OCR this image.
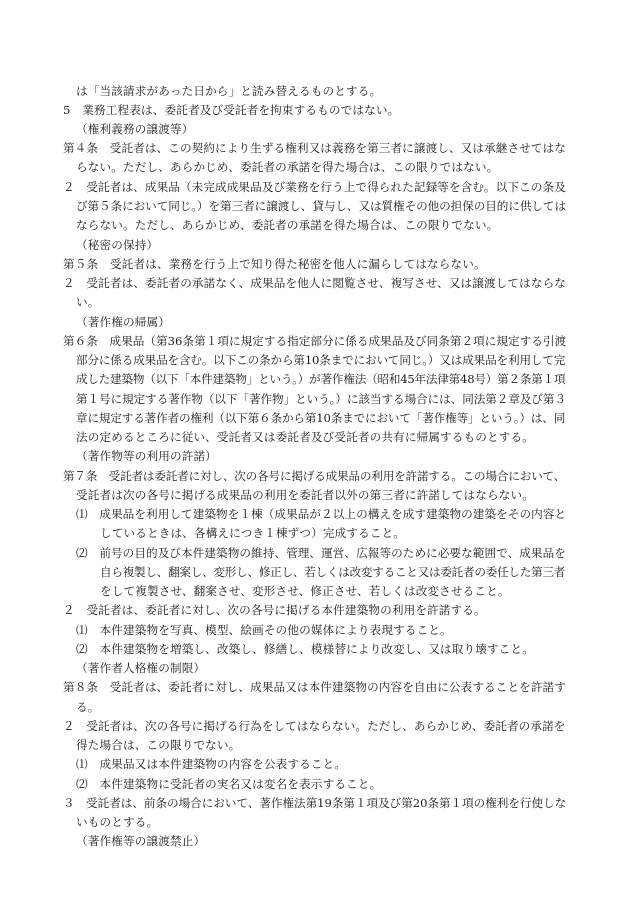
は「当該請求があった日から」と読み替えるものとする。
5　業務工程表は、委託者及び受託者を拘束するものではない。
（権利義務の譲渡等）
第４条　受託者は、この契約により生ずる権利又は義務を第三者に譲渡し、又は承継させてはな
らない。ただし、あらかじめ、委託者の承諾を得た場合は、この限りではない。
２　受託者は、成果品（未完成成果品及び業務を行う上で得られた記録等を含む。以下この条及
び第５条において同じ。）を第三者に譲渡し、貸与し、又は質権その他の担保の目的に供しては
ならない。ただし、あらかじめ、委託者の承諾を得た場合は、この限りでない。
（秘密の保持）
第５条　受託者は、業務を行う上で知り得た秘密を他人に漏らしてはならない。
２　受託者は、委託者の承諾なく、成果品を他人に閲覧させ、複写させ、又は譲渡してはならな
い。
（著作権の帰属）
第６条　成果品（第36条第１項に規定する指定部分に係る成果品及び同条第２項に規定する引渡
部分に係る成果品を含む。以下この条から第10条までにおいて同じ。）又は成果品を利用して完
成した建築物（以下「本件建築物」という。）が著作権法（昭和45年法律第48号）第２条第１項
第１号に規定する著作物（以下「著作物」という。）に該当する場合には、同法第２章及び第３
章に規定する著作者の権利（以下第６条から第10条までにおいて「著作権等」という。）は、同
法の定めるところに従い、受託者又は委託者及び受託者の共有に帰属するものとする。
（著作物等の利用の許諾）
第７条　受託者は委託者に対し、次の各号に掲げる成果品の利用を許諾する。この場合において、
受託者は次の各号に掲げる成果品の利用を委託者以外の第三者に許諾してはならない。
⑴　成果品を利用して建築物を１棟（成果品が２以上の構えを成す建築物の建築をその内容と
しているときは、各構えにつき１棟ずつ）完成すること。
⑵　前号の目的及び本件建築物の維持、管理、運営、広報等のために必要な範囲で、成果品を
自ら複製し、翻案し、変形し、修正し、若しくは改変すること又は委託者の委任した第三者
をして複製させ、翻案させ、変形させ、修正させ、若しくは改変させること。
２　受託者は、委託者に対し、次の各号に掲げる本件建築物の利用を許諾する。
⑴　本件建築物を写真、模型、絵画その他の媒体により表現すること。
⑵　本件建築物を増築し、改築し、修繕し、模様替により改変し、又は取り壊すこと。
（著作者人格権の制限）
第８条　受託者は、委託者に対し、成果品又は本件建築物の内容を自由に公表することを許諾す
る。
２　受託者は、次の各号に掲げる行為をしてはならない。ただし、あらかじめ、委託者の承諾を
得た場合は、この限りでない。
⑴　成果品又は本件建築物の内容を公表すること。
⑵　本件建築物に受託者の実名又は変名を表示すること。
３　受託者は、前条の場合において、著作権法第19条第１項及び第20条第１項の権利を行使しな
いものとする。
（著作権等の譲渡禁止）
